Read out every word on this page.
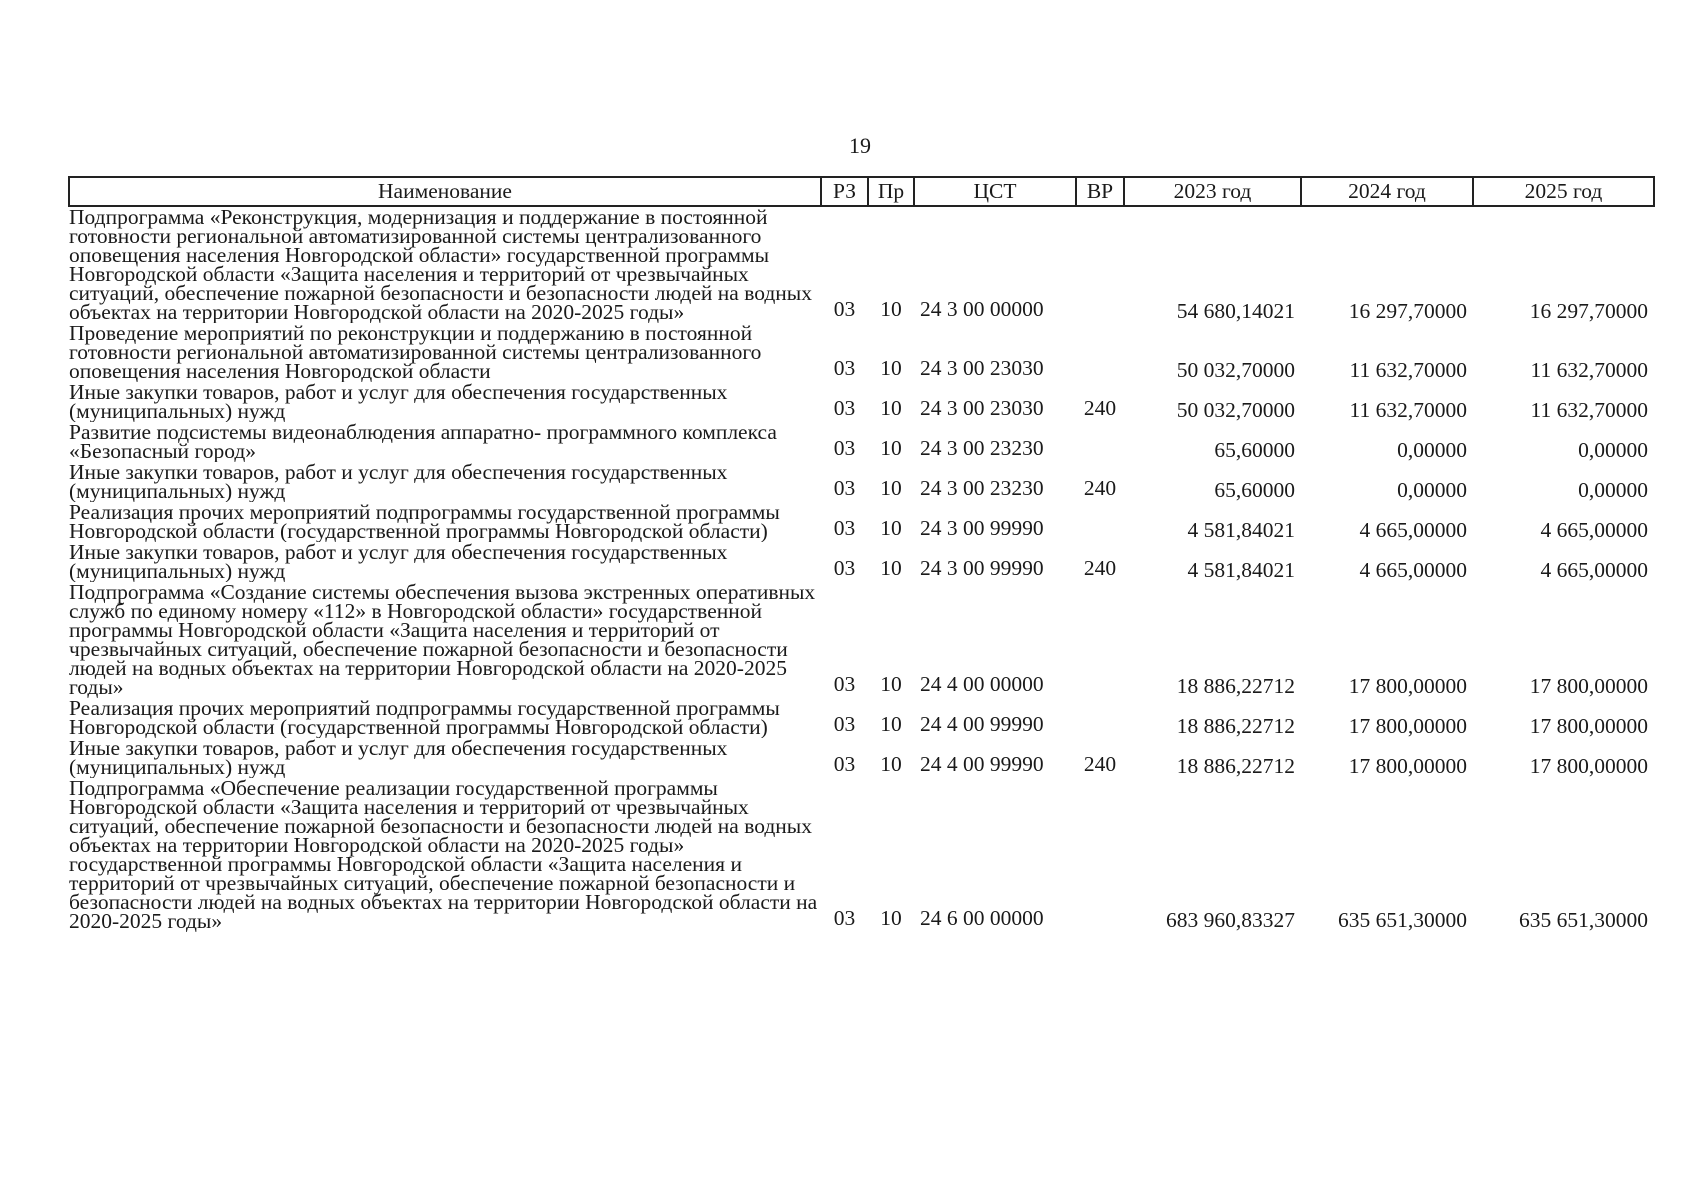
19
Наименование	РЗ	Пр	ЦСТ	ВР	2023 год	2024 год	2025 год
Подпрограмма «Реконструкция, модернизация и поддержание в постоянной готовности региональной автоматизированной системы централизованного оповещения населения Новгородской области» государственной программы Новгородской области «Защита населения и территорий от чрезвычайных ситуаций, обеспечение пожарной безопасности и безопасности людей на водных объектах на территории Новгородской области на 2020-2025 годы»	03	10	24 3 00 00000		54 680,14021	16 297,70000	16 297,70000
Проведение мероприятий по реконструкции и поддержанию в постоянной готовности региональной автоматизированной системы централизованного оповещения населения Новгородской области	03	10	24 3 00 23030		50 032,70000	11 632,70000	11 632,70000
Иные закупки товаров, работ и услуг для обеспечения государственных (муниципальных) нужд	03	10	24 3 00 23030	240	50 032,70000	11 632,70000	11 632,70000
Развитие подсистемы видеонаблюдения аппаратно- программного комплекса «Безопасный город»	03	10	24 3 00 23230		65,60000	0,00000	0,00000
Иные закупки товаров, работ и услуг для обеспечения государственных (муниципальных) нужд	03	10	24 3 00 23230	240	65,60000	0,00000	0,00000
Реализация прочих мероприятий подпрограммы государственной программы Новгородской области (государственной программы Новгородской области)	03	10	24 3 00 99990		4 581,84021	4 665,00000	4 665,00000
Иные закупки товаров, работ и услуг для обеспечения государственных (муниципальных) нужд	03	10	24 3 00 99990	240	4 581,84021	4 665,00000	4 665,00000
Подпрограмма «Создание системы обеспечения вызова экстренных оперативных служб по единому номеру «112» в Новгородской области» государственной программы Новгородской области «Защита населения и территорий от чрезвычайных ситуаций, обеспечение пожарной безопасности и безопасности людей на водных объектах на территории Новгородской области на 2020-2025 годы»	03	10	24 4 00 00000		18 886,22712	17 800,00000	17 800,00000
Реализация прочих мероприятий подпрограммы государственной программы Новгородской области (государственной программы Новгородской области)	03	10	24 4 00 99990		18 886,22712	17 800,00000	17 800,00000
Иные закупки товаров, работ и услуг для обеспечения государственных (муниципальных) нужд	03	10	24 4 00 99990	240	18 886,22712	17 800,00000	17 800,00000
Подпрограмма «Обеспечение реализации государственной программы Новгородской области «Защита населения и территорий от чрезвычайных ситуаций, обеспечение пожарной безопасности и безопасности людей на водных объектах на территории Новгородской области на 2020-2025 годы» государственной программы Новгородской области «Защита населения и территорий от чрезвычайных ситуаций, обеспечение пожарной безопасности и безопасности людей на водных объектах на территории Новгородской области на 2020-2025 годы»	03	10	24 6 00 00000		683 960,83327	635 651,30000	635 651,30000
